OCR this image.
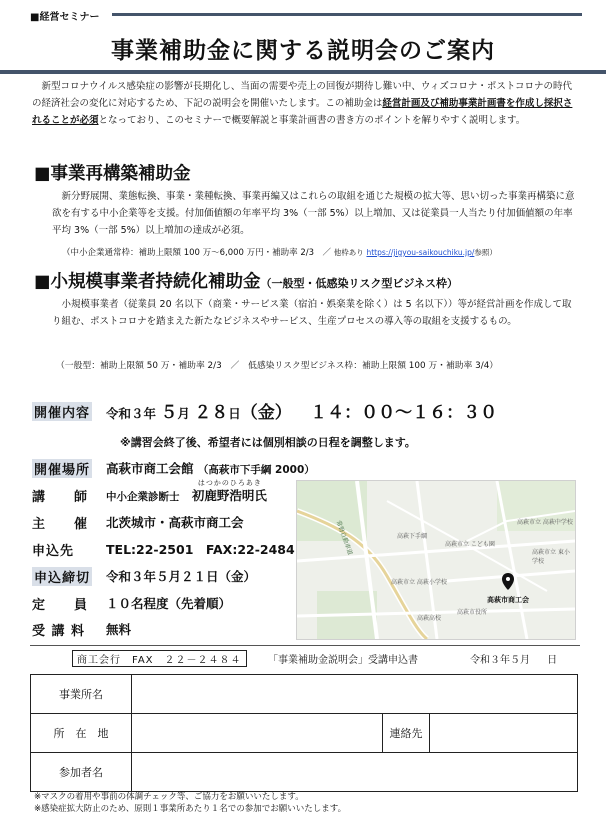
■経営セミナー
事業補助金に関する説明会のご案内
新型コロナウイルス感染症の影響が長期化し、当面の需要や売上の回復が期待し難い中、ウィズコロナ・ポストコロナの時代の経済社会の変化に対応するため、下記の説明会を開催いたします。この補助金は経営計画及び補助事業計画書を作成し採択されることが必須となっており、このセミナーで概要解説と事業計画書の書き方のポイントを解りやすく説明します。
■事業再構築補助金
新分野展開、業態転換、事業・業種転換、事業再編又はこれらの取組を通じた規模の拡大等、思い切った事業再構築に意欲を有する中小企業等を支援。付加価値額の年率平均 3%（一部 5%）以上増加、又は従業員一人当たり付加価値額の年率平均 3%（一部 5%）以上増加の達成が必須。
（中小企業通常枠：補助上限額 100 万～6,000 万円・補助率 2/3　／ 他枠あり https://jigyou-saikouchiku.jp/参照）
■小規模事業者持続化補助金（一般型・低感染リスク型ビジネス枠）
小規模事業者（従業員 20 名以下（商業・サービス業（宿泊・娯楽業を除く）は 5 名以下））等が経営計画を作成して取り組む、ポストコロナを踏まえた新たなビジネスやサービス、生産プロセスの導入等の取組を支援するもの。
（一般型：補助上限額 50 万・補助率 2/3　／　低感染リスク型ビジネス枠：補助上限額 100 万・補助率 3/4）
開催内容 令和３年 ５月 ２８日（金） １４：００～１６：３０
※講習会終了後、希望者には個別相談の日程を調整します。
開催場所 高萩市商工会館 （高萩市下手綱 2000）
講　　師 中小企業診断士
はつかのひろあき
初鹿野浩明氏
主　　催 北茨城市・高萩市商工会
申込先	TEL:22-2501　FAX:22-2484
申込締切 令和３年５月２１日（金）
定　　員 １０名程度（先着順）
受 講 料 無料
高萩市商工会
高萩市立 高萩中学校
高萩市立 高萩小学校
高萩市立 東小学校
高萩市立 こども園
高萩高校
高萩下手綱
高萩市役所
常磐自動車道
商工会行　FAX　２２－２４８４	「事業補助金説明会」受講申込書	令和３年５月 日
事業所名			
所　在　地		連絡先	
参加者名			
※マスクの着用や事前の体調チェック等、ご協力をお願いいたします。
※感染症拡大防止のため、原則１事業所あたり１名での参加でお願いいたします。
